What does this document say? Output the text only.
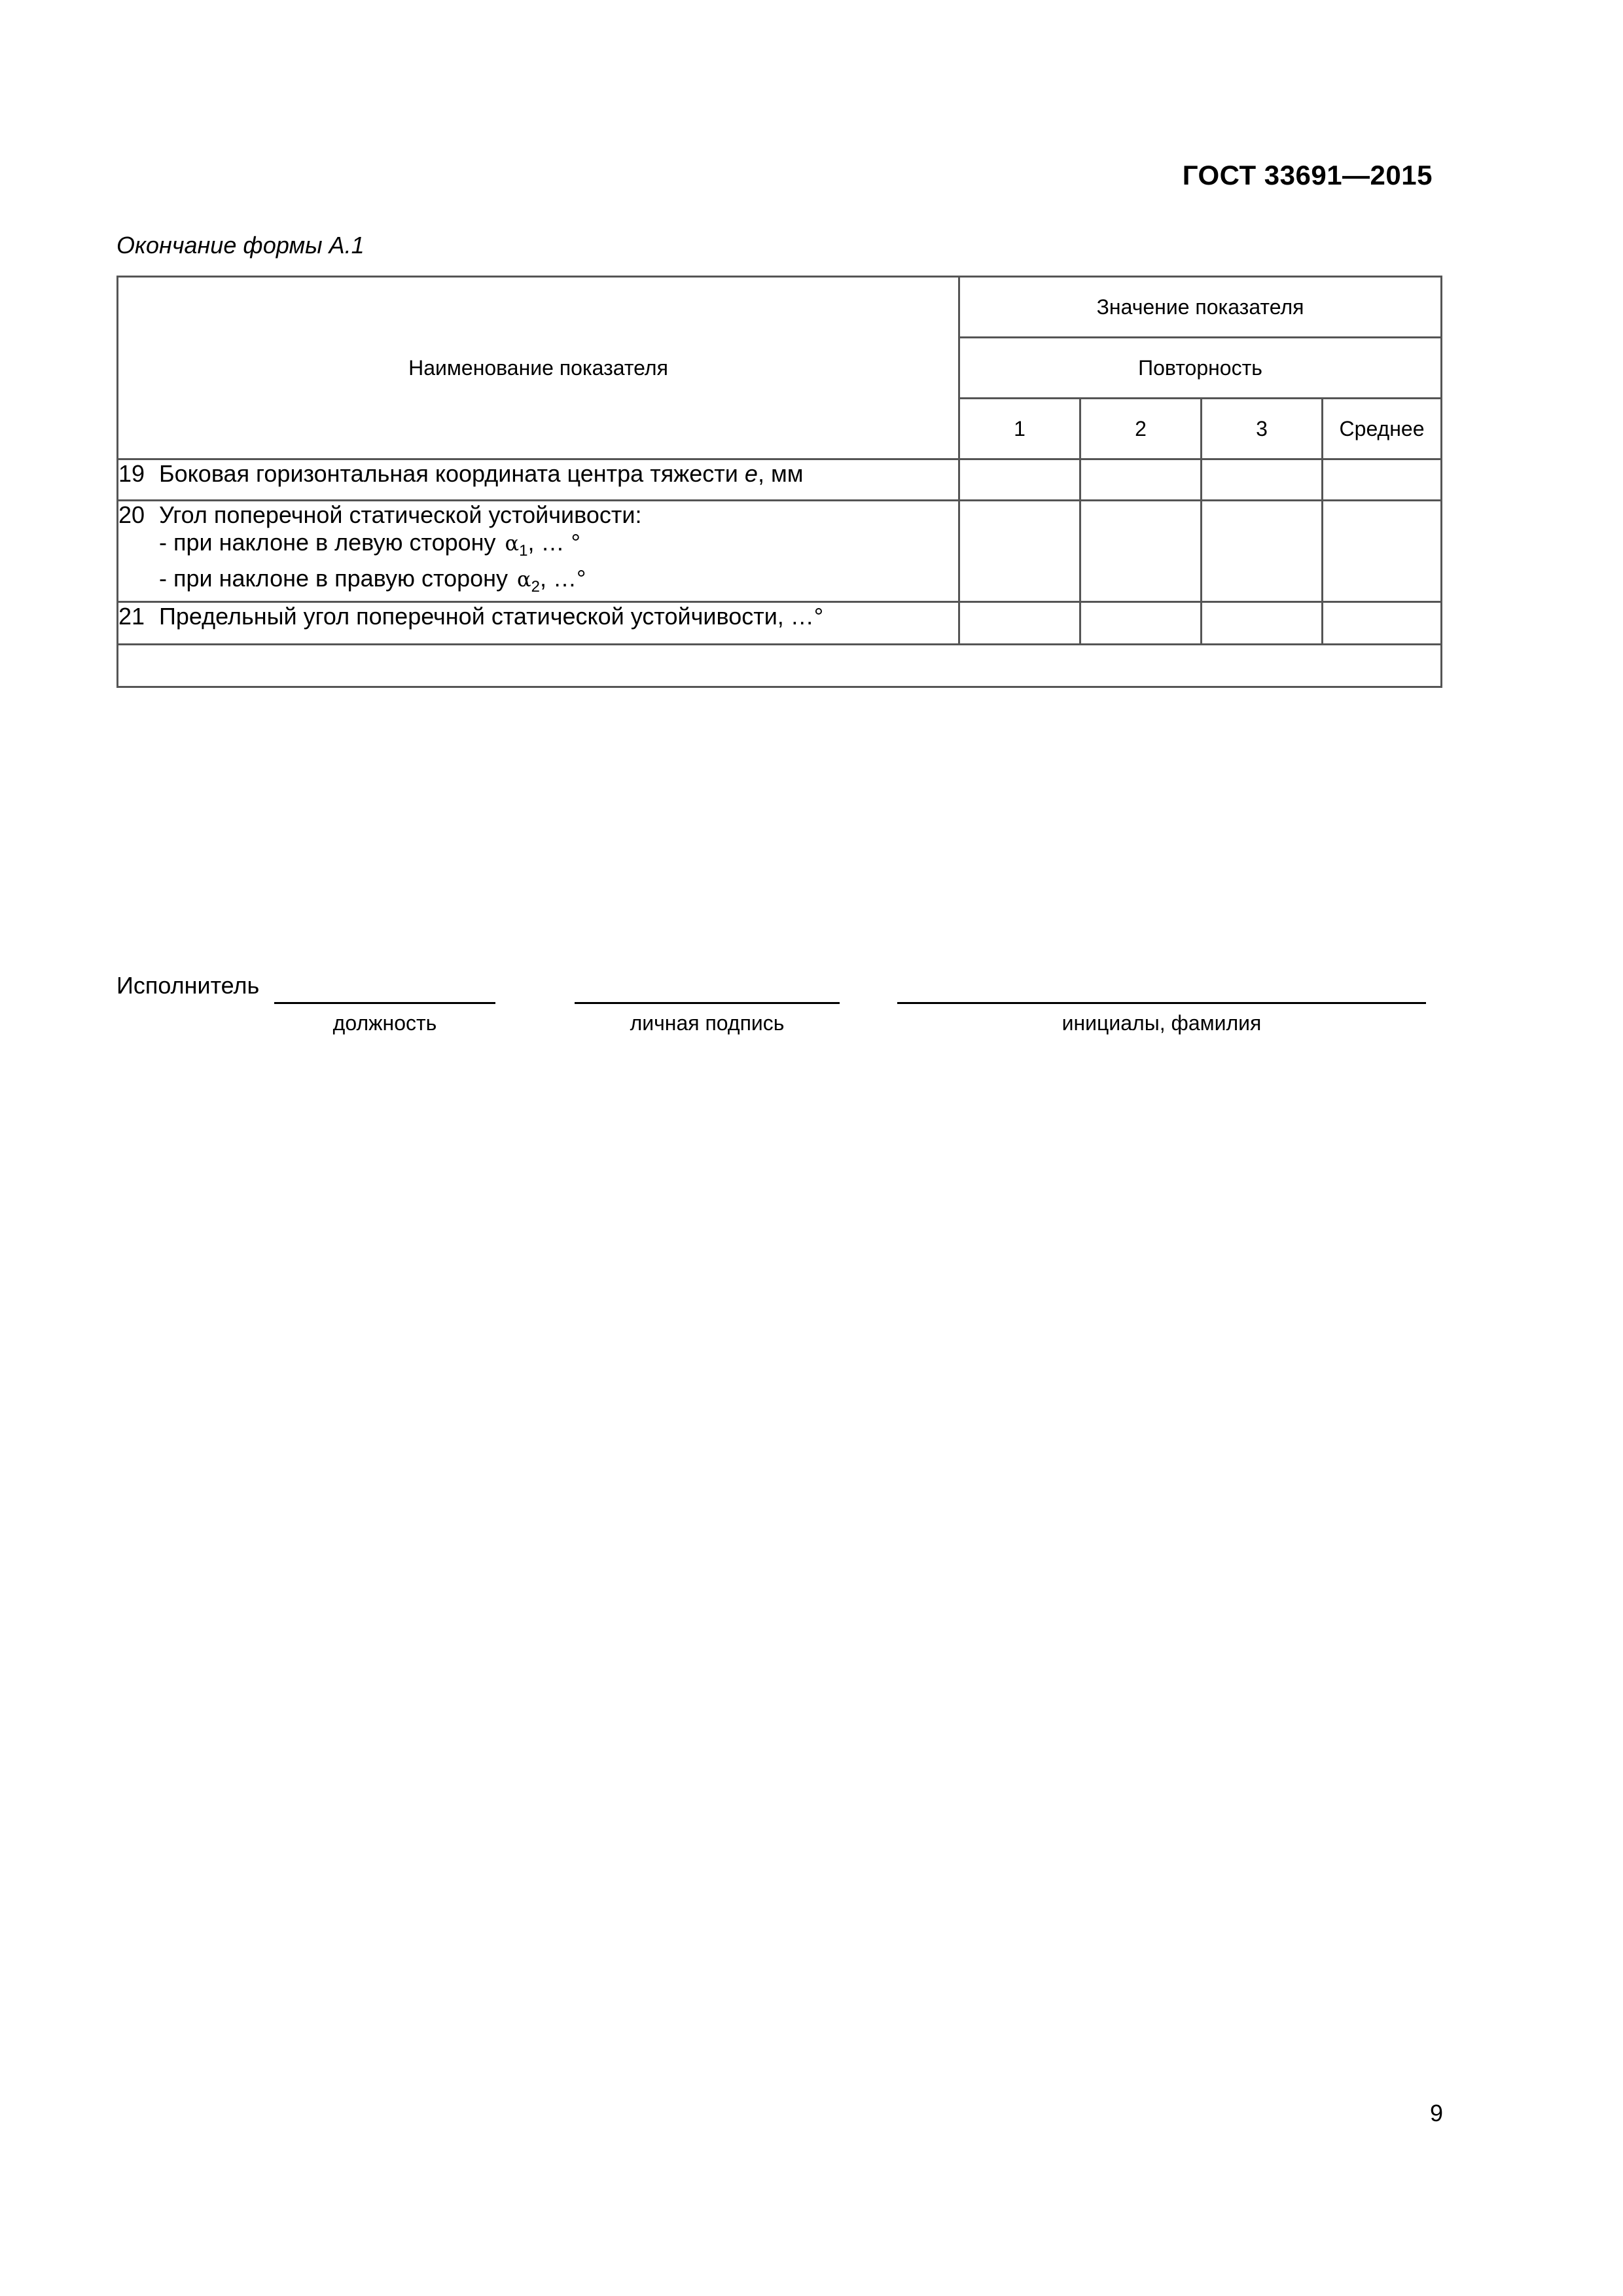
ГОСТ 33691—2015
Окончание формы А.1
Наименование показателя	Значение показателя			
	Повторность			
	1	2	3	Среднее
19 Боковая горизонтальная координата центра тяжести е, мм				
20 Угол поперечной статической устойчивости:
- при наклоне в левую сторону $\alpha_1$, … °
- при наклоне в правую сторону $\alpha_2$, …°				

21 Предельный угол поперечной статической устойчивости, …°				

Исполнитель
должность	личная подпись	инициалы, фамилия
9
